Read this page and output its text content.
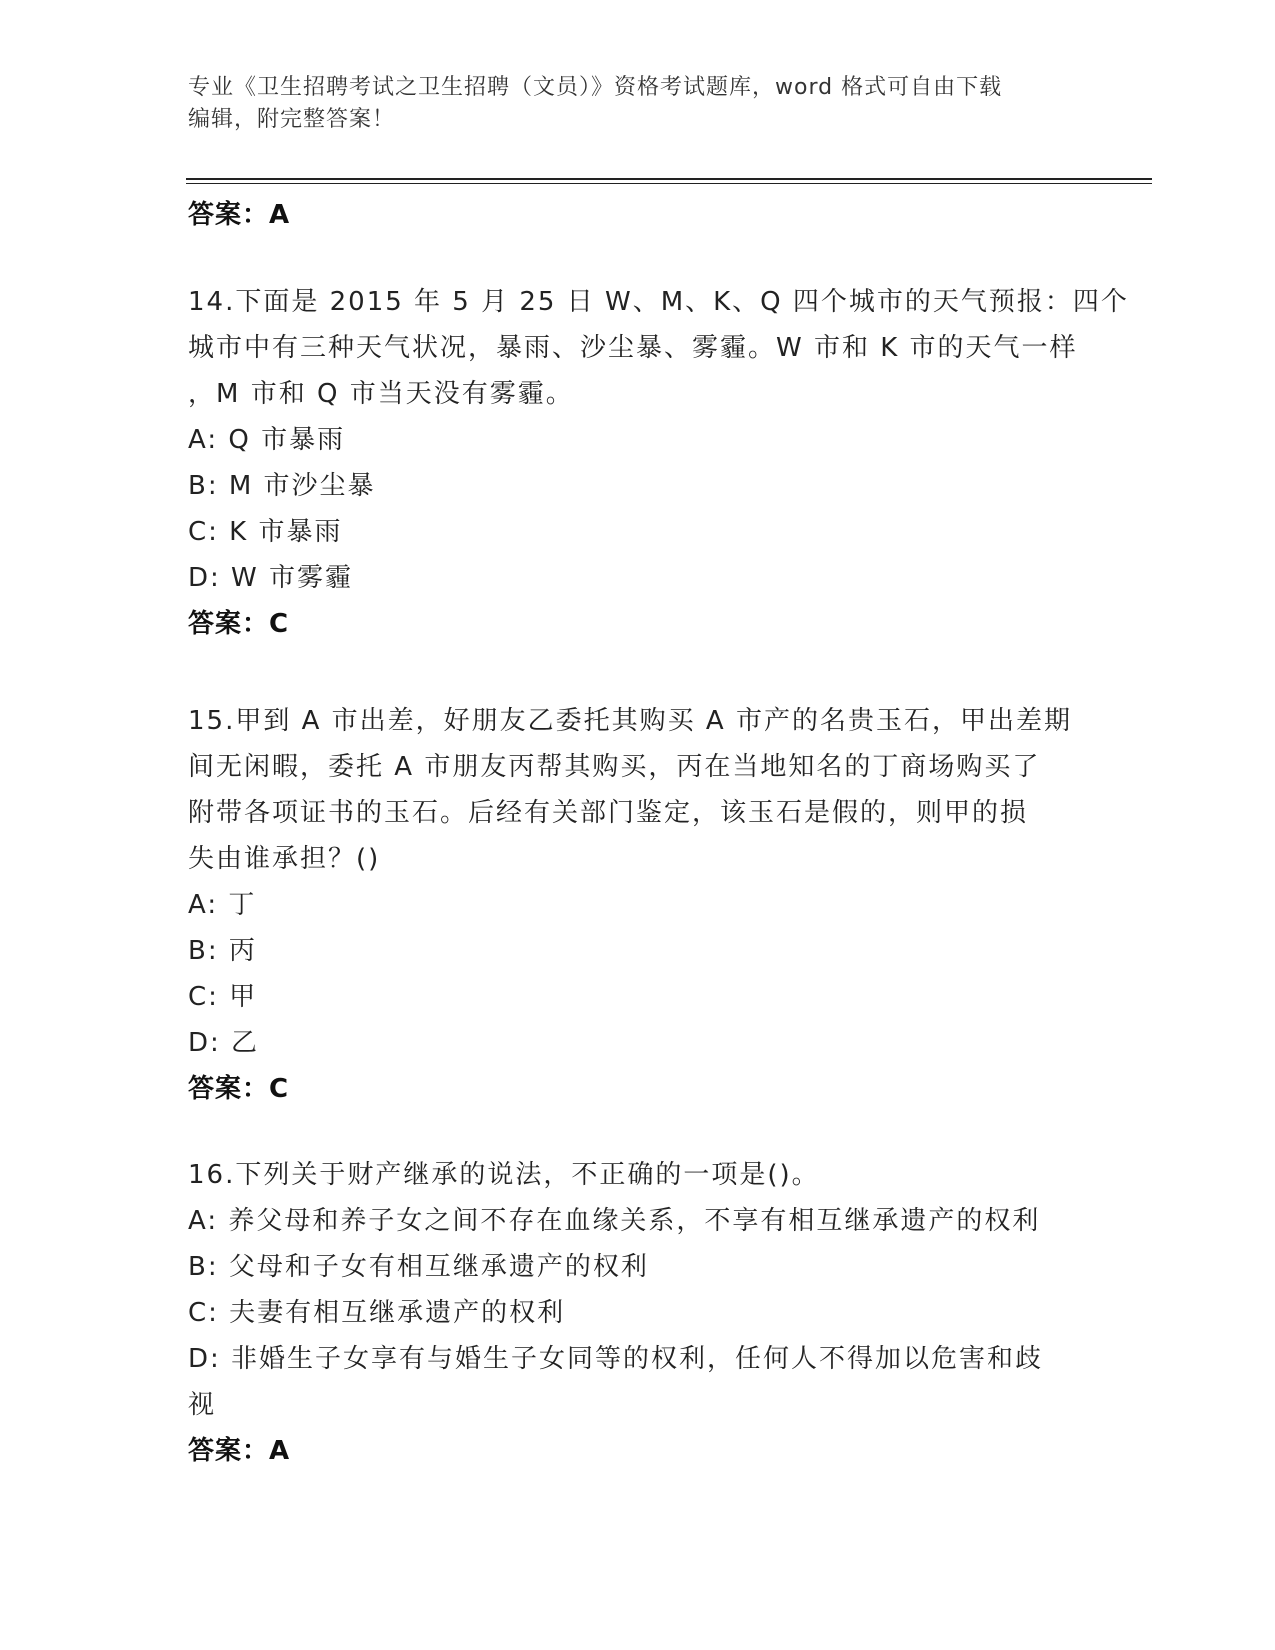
专业《卫生招聘考试之卫生招聘（文员）》资格考试题库，word 格式可自由下载
编辑，附完整答案！
答案：A
14.下面是 2015 年 5 月 25 日 W、M、K、Q 四个城市的天气预报：四个
城市中有三种天气状况，暴雨、沙尘暴、雾霾。W 市和 K 市的天气一样
，M 市和 Q 市当天没有雾霾。
A: Q 市暴雨
B: M 市沙尘暴
C: K 市暴雨
D: W 市雾霾
答案：C
15.甲到 A 市出差，好朋友乙委托其购买 A 市产的名贵玉石，甲出差期
间无闲暇，委托 A 市朋友丙帮其购买，丙在当地知名的丁商场购买了
附带各项证书的玉石。后经有关部门鉴定，该玉石是假的，则甲的损
失由谁承担？()
A: 丁
B: 丙
C: 甲
D: 乙
答案：C
16.下列关于财产继承的说法，不正确的一项是()。
A: 养父母和养子女之间不存在血缘关系，不享有相互继承遗产的权利
B: 父母和子女有相互继承遗产的权利
C: 夫妻有相互继承遗产的权利
D: 非婚生子女享有与婚生子女同等的权利，任何人不得加以危害和歧
视
答案：A
